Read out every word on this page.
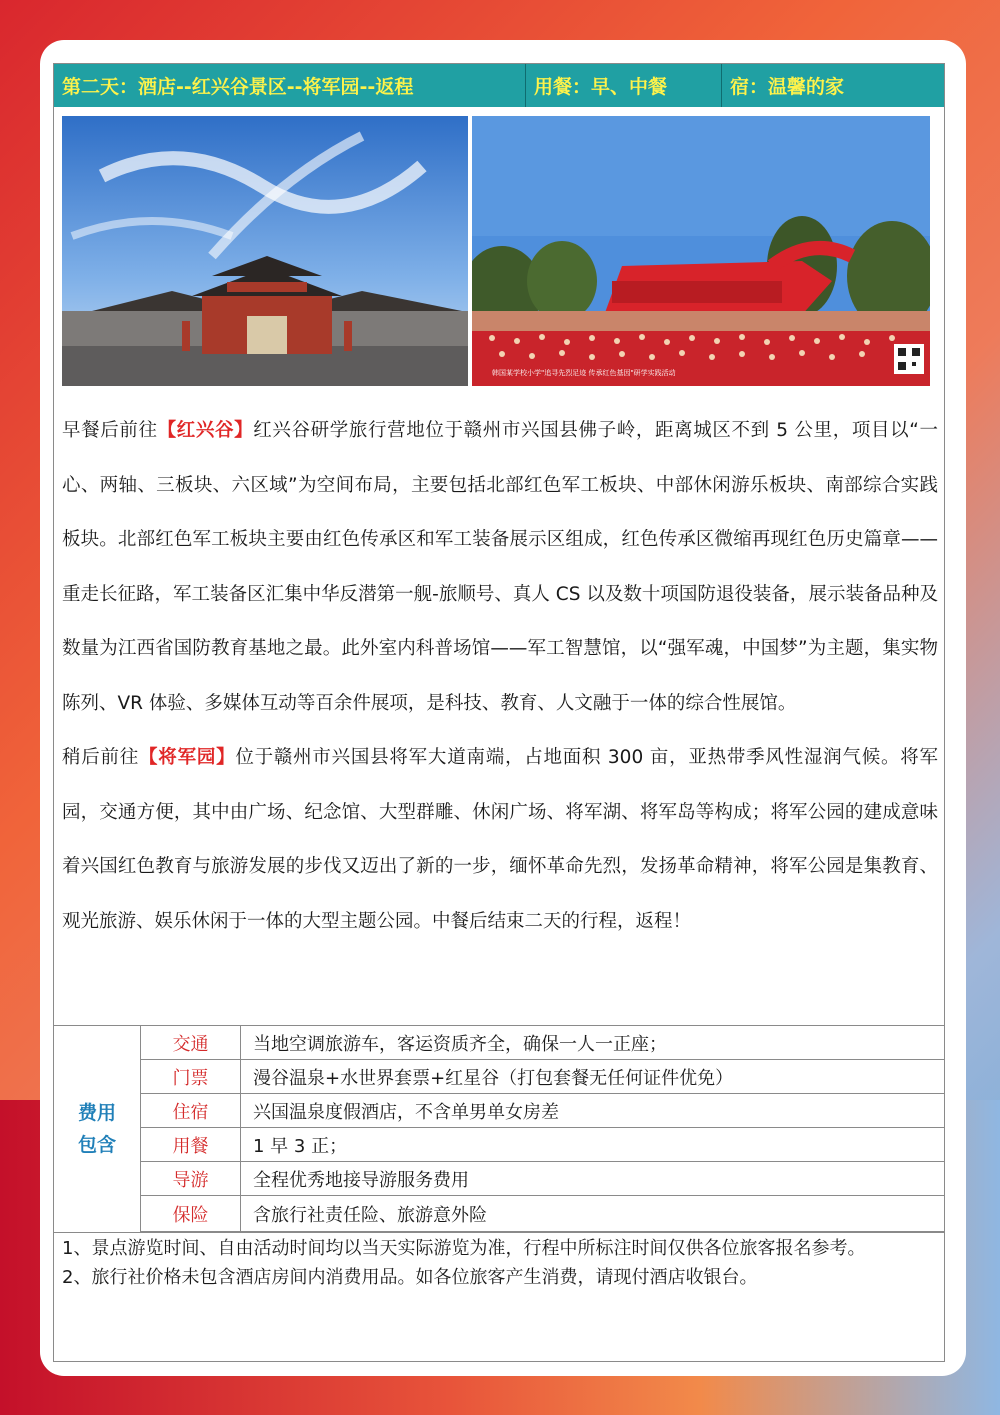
第二天：酒店--红兴谷景区--将军园--返程	用餐：早、中餐	宿：温馨的家
韩国某学校小学"追寻先烈足迹 传承红色基因"研学实践活动

早餐后前往【红兴谷】红兴谷研学旅行营地位于赣州市兴国县佛子岭，距离城区不到 5 公里，项目以“一心、两轴、三板块、六区域”为空间布局，主要包括北部红色军工板块、中部休闲游乐板块、南部综合实践板块。北部红色军工板块主要由红色传承区和军工装备展示区组成，红色传承区微缩再现红色历史篇章——重走长征路，军工装备区汇集中华反潜第一舰-旅顺号、真人 CS 以及数十项国防退役装备，展示装备品种及数量为江西省国防教育基地之最。此外室内科普场馆——军工智慧馆，以“强军魂，中国梦”为主题，集实物陈列、VR 体验、多媒体互动等百余件展项，是科技、教育、人文融于一体的综合性展馆。

稍后前往【将军园】位于赣州市兴国县将军大道南端，占地面积 300 亩，亚热带季风性湿润气候。将军园，交通方便，其中由广场、纪念馆、大型群雕、休闲广场、将军湖、将军岛等构成；将军公园的建成意味着兴国红色教育与旅游发展的步伐又迈出了新的一步，缅怀革命先烈，发扬革命精神，将军公园是集教育、观光旅游、娱乐休闲于一体的大型主题公园。中餐后结束二天的行程，返程！

费用
包含
交通	当地空调旅游车，客运资质齐全，确保一人一正座；
门票	漫谷温泉+水世界套票+红星谷（打包套餐无任何证件优免）
住宿	兴国温泉度假酒店，不含单男单女房差
用餐	1 早 3 正；
导游	全程优秀地接导游服务费用
保险	含旅行社责任险、旅游意外险

1、景点游览时间、自由活动时间均以当天实际游览为准，行程中所标注时间仅供各位旅客报名参考。

2、旅行社价格未包含酒店房间内消费用品。如各位旅客产生消费，请现付酒店收银台。
